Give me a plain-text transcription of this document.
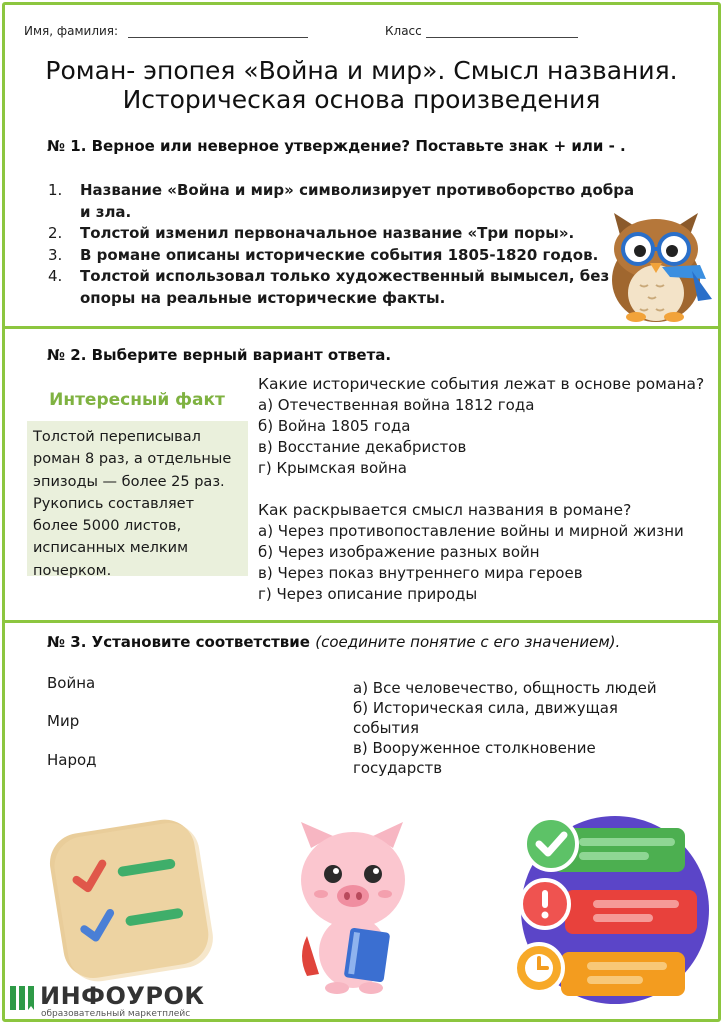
Имя, фамилия:	Класс
Роман- эпопея «Война и мир». Смысл названия.
Историческая основа произведения
№ 1. Верное или неверное утверждение? Поставьте знак + или - .
1.	Название «Война и мир» символизирует противоборство добра и зла.
2.	Толстой изменил первоначальное название «Три поры».
3.	В романе описаны исторические события 1805-1820 годов.
4.	Толстой использовал только художественный вымысел, без опоры на реальные исторические факты.
№ 2. Выберите верный вариант ответа.
Интересный факт
Толстой переписывал роман 8 раз, а отдельные эпизоды — более 25 раз. Рукопись составляет более 5000 листов, исписанных мелким почерком.
Какие исторические события лежат в основе романа?
а) Отечественная война 1812 года
б) Война 1805 года
в) Восстание декабристов
г) Крымская война
Как раскрывается смысл названия в романе?
а) Через противопоставление войны и мирной жизни
б) Через изображение разных войн
в) Через показ внутреннего мира героев
г) Через описание природы
№ 3. Установите соответствие (соедините понятие с его значением).
Война
Мир
Народ
а) Все человечество, общность людей
б) Историческая сила, движущая события
в) Вооруженное столкновение государств
ИНФОУРОК
образовательный маркетплейс
